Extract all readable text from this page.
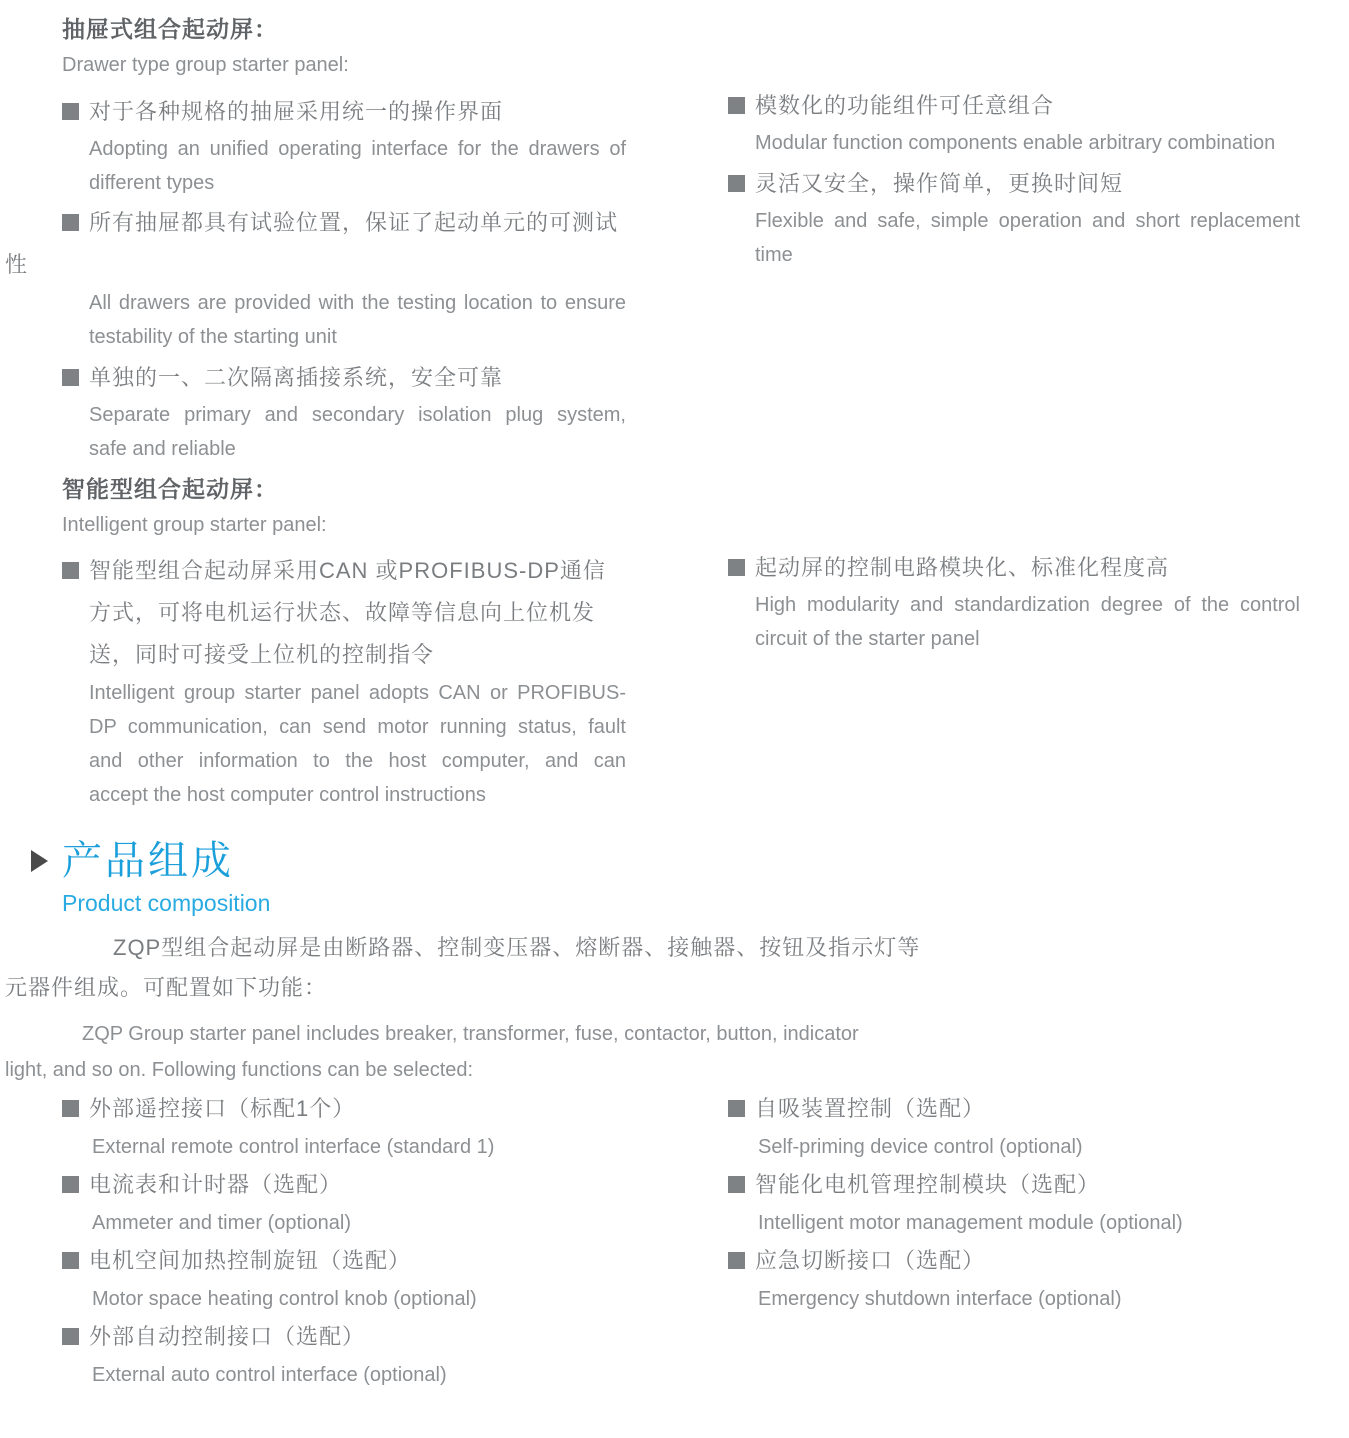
抽屉式组合起动屏：
Drawer type group starter panel:
对于各种规格的抽屉采用统一的操作界面
Adopting an unified operating interface for the drawers of
different types
所有抽屉都具有试验位置，保证了起动单元的可测试
性
All drawers are provided with the testing location to ensure
testability of the starting unit
单独的一、二次隔离插接系统，安全可靠
Separate primary and secondary isolation plug system,
safe and reliable
模数化的功能组件可任意组合
Modular function components enable arbitrary combination
灵活又安全，操作简单，更换时间短
Flexible and safe, simple operation and short replacement
time
智能型组合起动屏：
Intelligent group starter panel:
智能型组合起动屏采用CAN 或PROFIBUS-DP通信
方式，可将电机运行状态、故障等信息向上位机发
送，同时可接受上位机的控制指令
Intelligent group starter panel adopts CAN or PROFIBUS-
DP communication, can send motor running status, fault
and other information to the host computer, and can
accept the host computer control instructions
起动屏的控制电路模块化、标准化程度高
High modularity and standardization degree of the control
circuit of the starter panel
产品组成
Product composition
ZQP型组合起动屏是由断路器、控制变压器、熔断器、接触器、按钮及指示灯等
元器件组成。可配置如下功能：
ZQP Group starter panel includes breaker, transformer, fuse, contactor, button, indicator
light, and so on. Following functions can be selected:
外部遥控接口（标配1个）
External remote control interface (standard 1)
电流表和计时器（选配）
Ammeter and timer (optional)
电机空间加热控制旋钮（选配）
Motor space heating control knob (optional)
外部自动控制接口（选配）
External auto control interface (optional)
自吸装置控制（选配）
Self-priming device control (optional)
智能化电机管理控制模块（选配）
Intelligent motor management module (optional)
应急切断接口（选配）
Emergency shutdown interface (optional)
